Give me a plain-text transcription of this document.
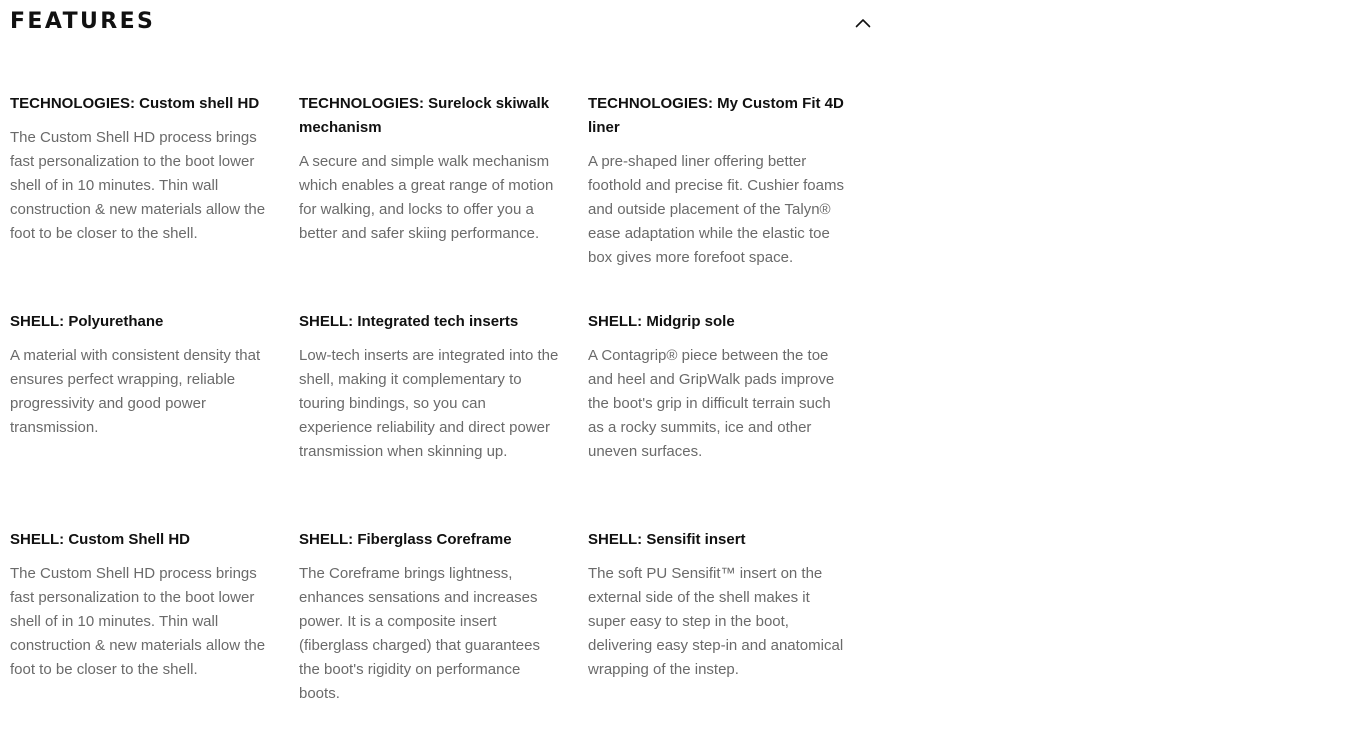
FEATURES

TECHNOLOGIES: Custom shell HD

The Custom Shell HD process brings fast personalization to the boot lower shell of in 10 minutes. Thin wall construction & new materials allow the foot to be closer to the shell.

TECHNOLOGIES: Surelock skiwalk mechanism

A secure and simple walk mechanism which enables a great range of motion for walking, and locks to offer you a better and safer skiing performance.

TECHNOLOGIES: My Custom Fit 4D liner

A pre-shaped liner offering better foothold and precise fit. Cushier foams and outside placement of the Talyn® ease adaptation while the elastic toe box gives more forefoot space.

SHELL: Polyurethane

A material with consistent density that ensures perfect wrapping, reliable progressivity and good power transmission.

SHELL: Integrated tech inserts

Low-tech inserts are integrated into the shell, making it complementary to touring bindings, so you can experience reliability and direct power transmission when skinning up.

SHELL: Midgrip sole

A Contagrip® piece between the toe and heel and GripWalk pads improve the boot's grip in difficult terrain such as a rocky summits, ice and other uneven surfaces.

SHELL: Custom Shell HD

The Custom Shell HD process brings fast personalization to the boot lower shell of in 10 minutes. Thin wall construction & new materials allow the foot to be closer to the shell.

SHELL: Fiberglass Coreframe

The Coreframe brings lightness, enhances sensations and increases power. It is a composite insert (fiberglass charged) that guarantees the boot's rigidity on performance boots.

SHELL: Sensifit insert

The soft PU Sensifit™ insert on the external side of the shell makes it super easy to step in the boot, delivering easy step-in and anatomical wrapping of the instep.
